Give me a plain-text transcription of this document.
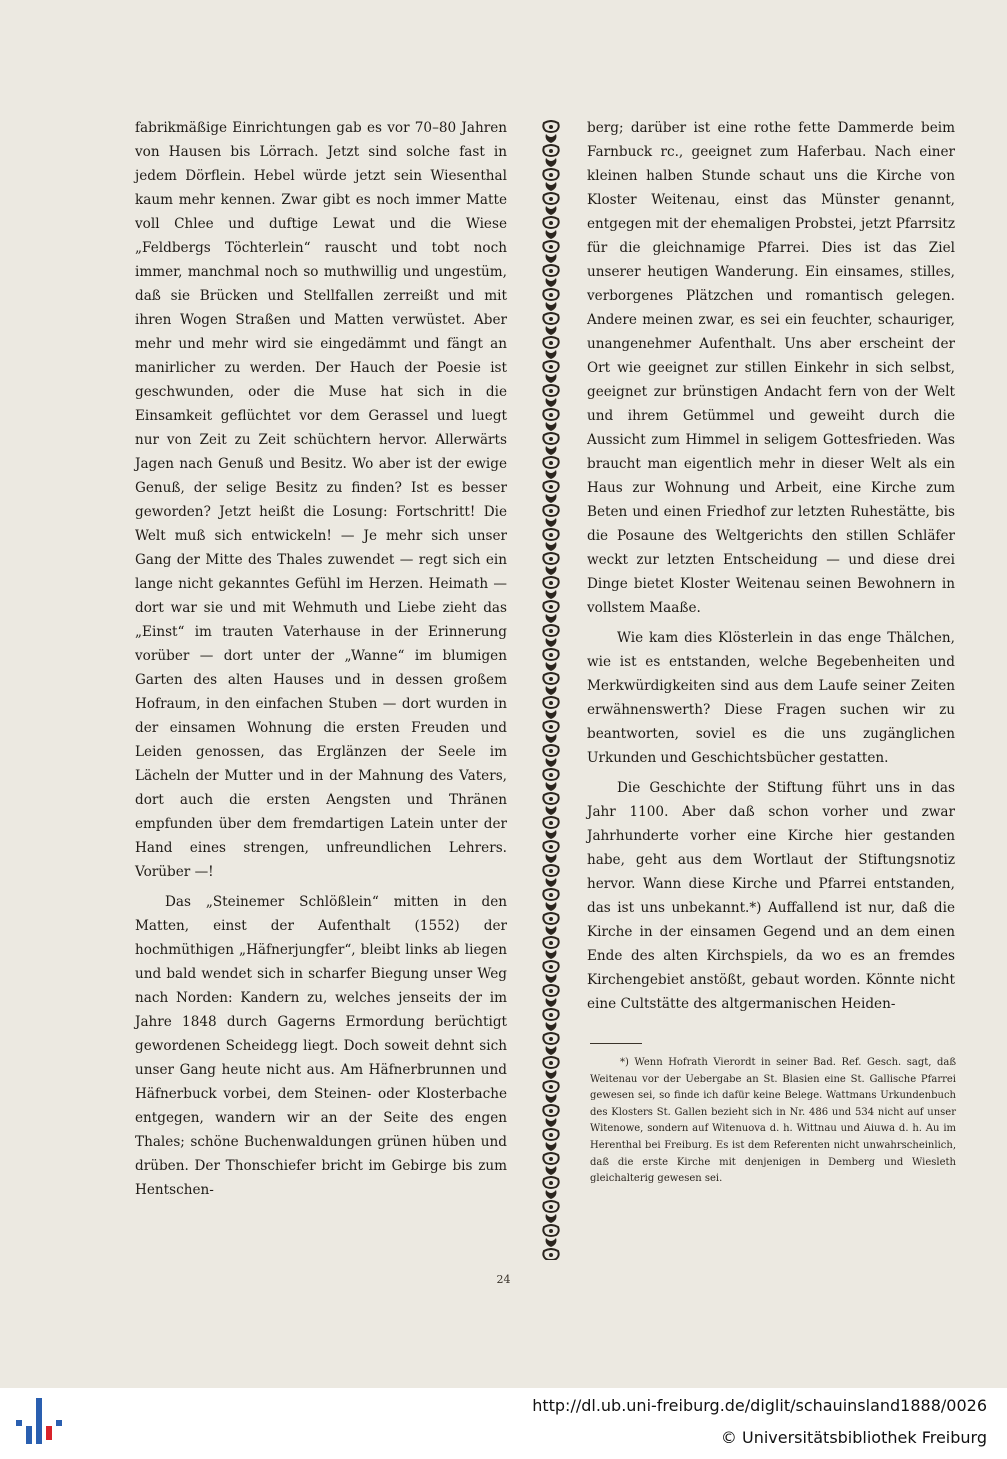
fabrikmäßige Einrichtungen gab es vor 70–80 Jahren von Hausen bis Lörrach. Jetzt sind solche fast in jedem Dörflein. Hebel würde jetzt sein Wiesenthal kaum mehr kennen. Zwar gibt es noch immer Matte voll Chlee und duftige Lewat und die Wiese „Feldbergs Töchterlein“ rauscht und tobt noch immer, manchmal noch so muthwillig und ungestüm, daß sie Brücken und Stellfallen zerreißt und mit ihren Wogen Straßen und Matten verwüstet. Aber mehr und mehr wird sie eingedämmt und fängt an manirlicher zu werden. Der Hauch der Poesie ist geschwunden, oder die Muse hat sich in die Einsamkeit geflüchtet vor dem Gerassel und luegt nur von Zeit zu Zeit schüchtern hervor. Allerwärts Jagen nach Genuß und Besitz. Wo aber ist der ewige Genuß, der selige Besitz zu finden? Ist es besser geworden? Jetzt heißt die Losung: Fortschritt! Die Welt muß sich entwickeln! — Je mehr sich unser Gang der Mitte des Thales zuwendet — regt sich ein lange nicht gekanntes Gefühl im Herzen. Heimath — dort war sie und mit Wehmuth und Liebe zieht das „Einst“ im trauten Vaterhause in der Erinnerung vorüber — dort unter der „Wanne“ im blumigen Garten des alten Hauses und in dessen großem Hofraum, in den einfachen Stuben — dort wurden in der einsamen Wohnung die ersten Freuden und Leiden genossen, das Erglänzen der Seele im Lächeln der Mutter und in der Mahnung des Vaters, dort auch die ersten Aengsten und Thränen empfunden über dem fremdartigen Latein unter der Hand eines strengen, unfreundlichen Lehrers. Vorüber —!

Das „Steinemer Schlößlein“ mitten in den Matten, einst der Aufenthalt (1552) der hochmüthigen „Häfnerjungfer“, bleibt links ab liegen und bald wendet sich in scharfer Biegung unser Weg nach Norden: Kandern zu, welches jenseits der im Jahre 1848 durch Gagerns Ermordung berüchtigt gewordenen Scheidegg liegt. Doch soweit dehnt sich unser Gang heute nicht aus. Am Häfnerbrunnen und Häfnerbuck vorbei, dem Steinen- oder Klosterbache entgegen, wandern wir an der Seite des engen Thales; schöne Buchenwaldungen grünen hüben und drüben. Der Thonschiefer bricht im Gebirge bis zum Hentschen-

berg; darüber ist eine rothe fette Dammerde beim Farnbuck rc., geeignet zum Haferbau. Nach einer kleinen halben Stunde schaut uns die Kirche von Kloster Weitenau, einst das Münster genannt, entgegen mit der ehemaligen Probstei, jetzt Pfarrsitz für die gleichnamige Pfarrei. Dies ist das Ziel unserer heutigen Wanderung. Ein einsames, stilles, verborgenes Plätzchen und romantisch gelegen. Andere meinen zwar, es sei ein feuchter, schauriger, unangenehmer Aufenthalt. Uns aber erscheint der Ort wie geeignet zur stillen Einkehr in sich selbst, geeignet zur brünstigen Andacht fern von der Welt und ihrem Getümmel und geweiht durch die Aussicht zum Himmel in seligem Gottesfrieden. Was braucht man eigentlich mehr in dieser Welt als ein Haus zur Wohnung und Arbeit, eine Kirche zum Beten und einen Friedhof zur letzten Ruhestätte, bis die Posaune des Weltgerichts den stillen Schläfer weckt zur letzten Entscheidung — und diese drei Dinge bietet Kloster Weitenau seinen Bewohnern in vollstem Maaße.

Wie kam dies Klösterlein in das enge Thälchen, wie ist es entstanden, welche Begebenheiten und Merkwürdigkeiten sind aus dem Laufe seiner Zeiten erwähnenswerth? Diese Fragen suchen wir zu beantworten, soviel es die uns zugänglichen Urkunden und Geschichtsbücher gestatten.

Die Geschichte der Stiftung führt uns in das Jahr 1100. Aber daß schon vorher und zwar Jahrhunderte vorher eine Kirche hier gestanden habe, geht aus dem Wortlaut der Stiftungsnotiz hervor. Wann diese Kirche und Pfarrei entstanden, das ist uns unbekannt.*) Auffallend ist nur, daß die Kirche in der einsamen Gegend und an dem einen Ende des alten Kirchspiels, da wo es an fremdes Kirchengebiet anstößt, gebaut worden. Könnte nicht eine Cultstätte des altgermanischen Heiden-

*) Wenn Hofrath Vierordt in seiner Bad. Ref. Gesch. sagt, daß Weitenau vor der Uebergabe an St. Blasien eine St. Gallische Pfarrei gewesen sei, so finde ich dafür keine Belege. Wattmans Urkundenbuch des Klosters St. Gallen bezieht sich in Nr. 486 und 534 nicht auf unser Witenowe, sondern auf Witenuova d. h. Wittnau und Aiuwa d. h. Au im Herenthal bei Freiburg. Es ist dem Referenten nicht unwahrscheinlich, daß die erste Kirche mit denjenigen in Demberg und Wiesleth gleichalterig gewesen sei.

24
http://dl.ub.uni-freiburg.de/diglit/schauinsland1888/0026
© Universitätsbibliothek Freiburg
